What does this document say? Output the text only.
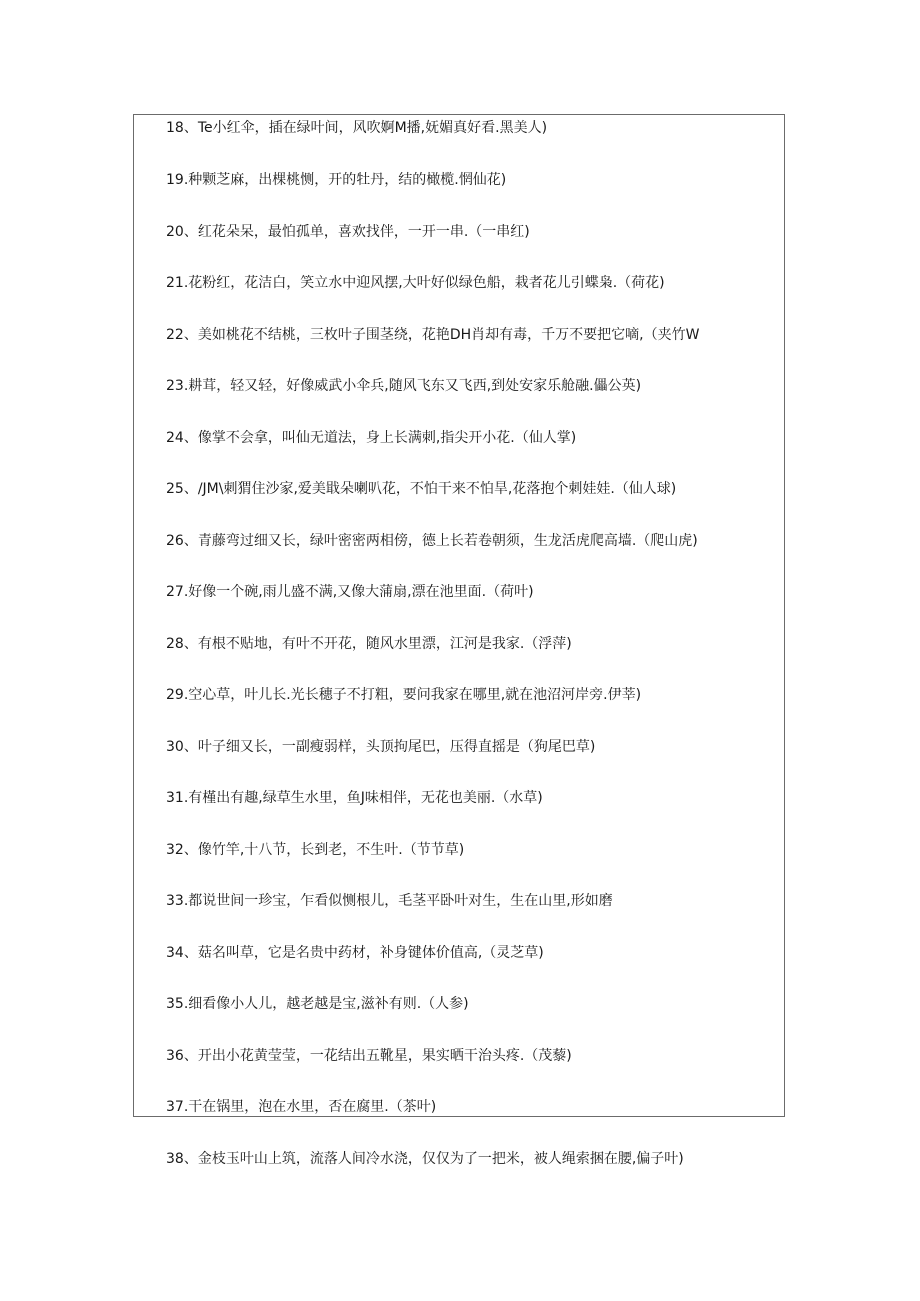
18、Te小红伞，插在绿叶间，风吹婀M播,妩媚真好看.黑美人)
19.种颗芝麻，出棵桃恻，开的牡丹，结的橄榄.惘仙花)
20、红花朵呆，最怕孤单，喜欢找伴，一开一串.（一串红)
21.花粉红，花洁白，笑立水中迎风摆,大叶好似绿色船，栽者花儿引蝶枭.（荷花)
22、美如桃花不结桃，三枚叶子围茎绕，花艳DH肖却有毒，千万不要把它嘀,（夹竹W
23.耕茸，轻又轻，好像威武小伞兵,随风飞东又飞西,到处安家乐舱融.儡公英)
24、像掌不会拿，叫仙无道法，身上长满刺,指尖开小花.（仙人掌)
25、/JM\刺猬住沙家,爱美戢朵喇叭花，不怕干来不怕旱,花落抱个刺娃娃.（仙人球)
26、青藤弯过细又长，绿叶密密两相傍，德上长若卷朝须，生龙活虎爬高墙.（爬山虎)
27.好像一个碗,雨儿盛不满,又像大蒲扇,漂在池里面.（荷叶)
28、有根不贴地，有叶不开花，随风水里漂，江河是我家.（浮萍)
29.空心草，叶儿长.光长穗子不打粗，要问我家在哪里,就在池沼河岸旁.伊莘)
30、叶子细又长，一副瘦弱样，头顶拘尾巴，压得直摇是（狗尾巴草)
31.有槿出有趣,绿草生水里，鱼J味相伴，无花也美丽.（水草)
32、像竹竿,十八节，长到老，不生叶.（节节草)
33.都说世间一珍宝，乍看似恻根儿，毛茎平卧叶对生，生在山里,形如磨
34、菇名叫草，它是名贵中药材，补身键体价值高,（灵芝草)
35.细看像小人儿，越老越是宝,滋补有则.（人参)
36、开出小花黄莹莹，一花结出五靴星，果实晒干治头疼.（茂藜)
37.干在锅里，泡在水里，否在腐里.（茶叶)
38、金枝玉叶山上筑，流落人间冷水浇，仅仅为了一把米，被人绳索捆在腰,偏子叶)
